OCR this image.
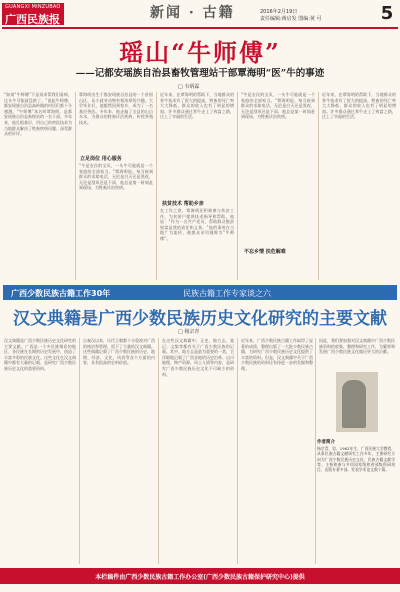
GUANGXI MINZUBAO
广西民族报	新闻 · 古籍	2016年2月19日
责任编辑:蒋启发 图编:黄 可	5
瑶山“牛师傅”
——记都安瑶族自治县畜牧管理站干部覃海明“医”牛的事迹
□ 韦炳霖
“如果“牛师傅”不是再来帮我们看病，这头牛可能就没救了。”说起牛师傅，都安瑶族自治县高岭镇的村民们都十分感激。“牛师傅”本名叫覃海明，是都安瑶族自治县畜牧站的一名干部。多年来，他扎根基层，用自己的兽医技术为当地群众解决了牲畜疾病问题，深受群众的好评。
立足岗位 用心服务
覃海明出生于都安瑶族自治县的一个贫困山区，从小就对动物有着浓厚的兴趣。大学毕业后，他毅然回到家乡，成为了一名基层兽医。多年来，他走遍了全县的山山水水，为群众的牲畜诊治疾病，传授养殖技术。
“牛是农民的宝贝，一头牛可能就是一个家庭的全部家当。”覃海明说。每当接到群众的求助电话，无论是白天还是黑夜，无论是刮风还是下雨，他总是第一时间赶到现场，为牲畜诊治疾病。
扶贫技术 帮助乡亲
近年来，在覃海明的帮助下，当地群众的养牛技术有了很大的提高，牲畜的死亡率大大降低，群众的收入也有了明显的增加。许多群众通过养牛走上了致富之路，过上了幸福的生活。
在工作之余，覃海明还积极参与扶贫工作，为贫困户提供技术指导和帮助。他说：“作为一名共产党员，帮助群众脱贫致富是我的责任和义务。”他的事迹在当地广为流传，被群众亲切地称为“牛师傅”。
不忘乡情 扶危解难
“牛是农民的宝贝，一头牛可能就是一个家庭的全部家当。”覃海明说。每当接到群众的求助电话，无论是白天还是黑夜，无论是刮风还是下雨，他总是第一时间赶到现场，为牲畜诊治疾病。
近年来，在覃海明的帮助下，当地群众的养牛技术有了很大的提高，牲畜的死亡率大大降低，群众的收入也有了明显的增加。许多群众通过养牛走上了致富之路，过上了幸福的生活。
广西少数民族古籍工作30年	民族古籍工作专家谈之六
汉文典籍是广西少数民族历史文化研究的主要文献
□ 杨宗青
汉文典籍是广西少数民族历史文化研究的主要文献。广西是一个多民族聚居的地区，各民族在长期的历史发展中，创造了丰富多彩的民族文化。这些文化在汉文典籍中都有大量的记载，是研究广西少数民族历史文化的重要资料。
自秦汉以来，历代王朝都十分重视对广西的统治和管理，留下了大量的汉文典籍。这些典籍记载了广西少数民族的历史、地理、经济、文化、风俗等各个方面的内容，具有很高的史料价值。
在这些汉文典籍中，正史、地方志、笔记、文集等都有关于广西少数民族的记载。其中，地方志是最为重要的一类，它详细地记载了广西各地的历史沿革、山川地理、物产资源、风土人情等内容，是研究广西少数民族历史文化不可缺少的资料。
近年来，广西少数民族古籍工作取得了显著的成绩，整理出版了一大批少数民族古籍，为研究广西少数民族历史文化提供了丰富的资料。但是，汉文典籍中关于广西少数民族的资料还有待进一步的发掘和整理。
因此，我们要加强对汉文典籍中广西少数民族资料的收集、整理和研究工作，为繁荣和发展广西少数民族文化做出更大的贡献。
作者简介
杨宗青，男，1962年生，广西民族大学教授，从事民族古籍文献研究工作多年，主要研究方向为广西少数民族历史文化、民族古籍文献学等。主持和参与多项国家级和省部级科研项目，出版专著多部，发表学术论文数十篇。
本栏稿件由广西少数民族古籍工作办公室(广西少数民族古籍保护研究中心)提供
